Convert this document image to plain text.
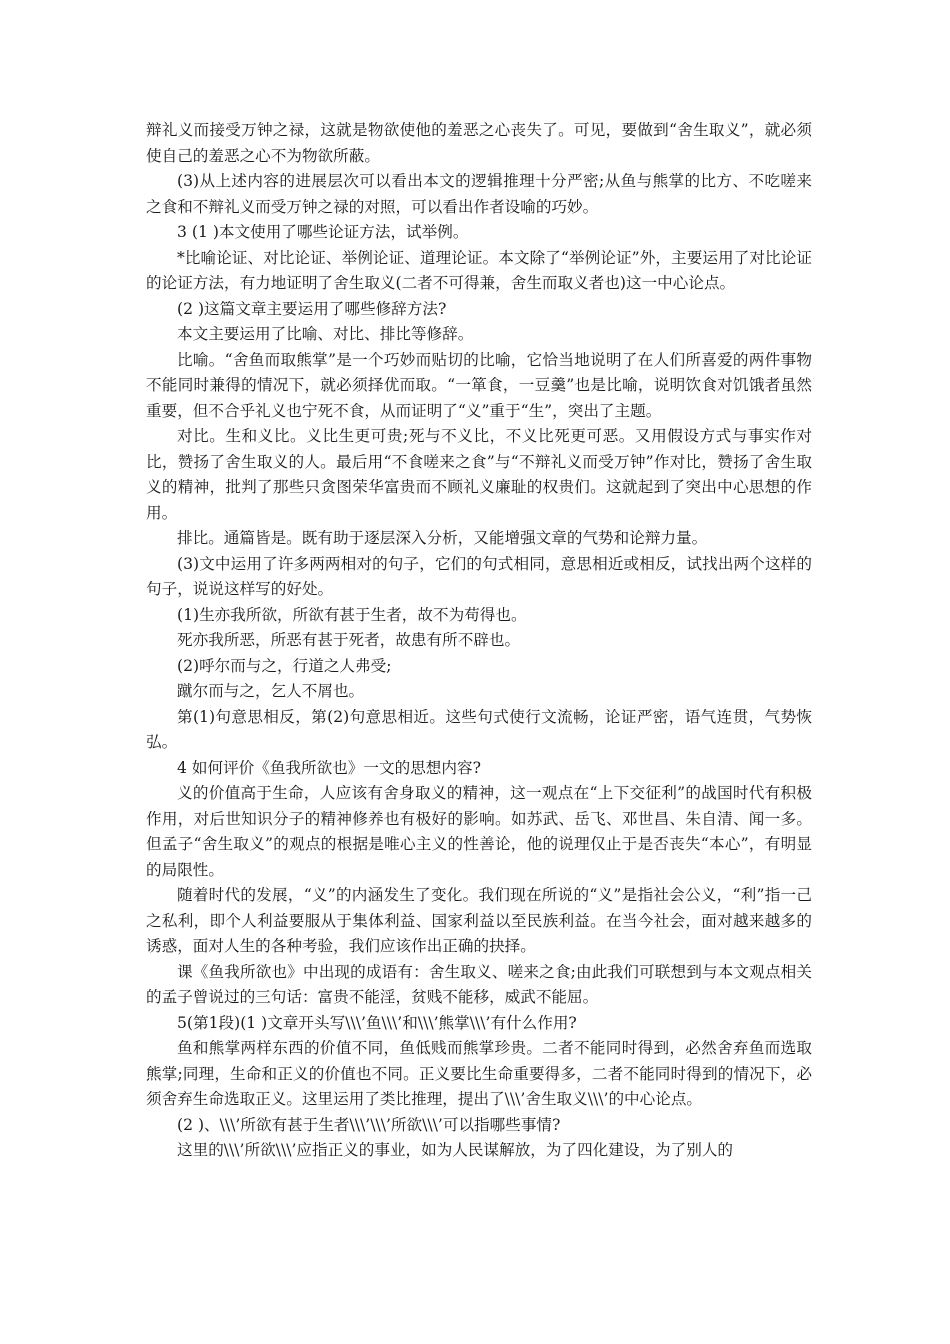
辩礼义而接受万钟之禄，这就是物欲使他的羞恶之心丧失了。可见，要做到“舍生取义”，就必须使自己的羞恶之心不为物欲所蔽。

(3)从上述内容的进展层次可以看出本文的逻辑推理十分严密;从鱼与熊掌的比方、不吃嗟来之食和不辩礼义而受万钟之禄的对照，可以看出作者设喻的巧妙。

3 (1 )本文使用了哪些论证方法，试举例。

*比喻论证、对比论证、举例论证、道理论证。本文除了“举例论证”外，主要运用了对比论证的论证方法，有力地证明了舍生取义(二者不可得兼，舍生而取义者也)这一中心论点。

(2 )这篇文章主要运用了哪些修辞方法?

本文主要运用了比喻、对比、排比等修辞。

比喻。“舍鱼而取熊掌”是一个巧妙而贴切的比喻，它恰当地说明了在人们所喜爱的两件事物不能同时兼得的情况下，就必须择优而取。“一箪食，一豆羹”也是比喻，说明饮食对饥饿者虽然重要，但不合乎礼义也宁死不食，从而证明了“义”重于“生”，突出了主题。

对比。生和义比。义比生更可贵;死与不义比，不义比死更可恶。又用假设方式与事实作对比，赞扬了舍生取义的人。最后用“不食嗟来之食”与“不辩礼义而受万钟”作对比，赞扬了舍生取义的精神，批判了那些只贪图荣华富贵而不顾礼义廉耻的权贵们。这就起到了突出中心思想的作用。

排比。通篇皆是。既有助于逐层深入分析，又能增强文章的气势和论辩力量。

(3)文中运用了许多两两相对的句子，它们的句式相同，意思相近或相反，试找出两个这样的句子，说说这样写的好处。

(1)生亦我所欲，所欲有甚于生者，故不为苟得也。

死亦我所恶，所恶有甚于死者，故患有所不辟也。

(2)呼尔而与之，行道之人弗受;

蹴尔而与之，乞人不屑也。

第(1)句意思相反，第(2)句意思相近。这些句式使行文流畅，论证严密，语气连贯，气势恢弘。

4 如何评价《鱼我所欲也》一文的思想内容?

义的价值高于生命，人应该有舍身取义的精神，这一观点在“上下交征利”的战国时代有积极作用，对后世知识分子的精神修养也有极好的影响。如苏武、岳飞、邓世昌、朱自清、闻一多。但孟子“舍生取义”的观点的根据是唯心主义的性善论，他的说理仅止于是否丧失“本心”，有明显的局限性。

随着时代的发展，“义”的内涵发生了变化。我们现在所说的“义”是指社会公义，“利”指一己之私利，即个人利益要服从于集体利益、国家利益以至民族利益。在当今社会，面对越来越多的诱惑，面对人生的各种考验，我们应该作出正确的抉择。

课《鱼我所欲也》中出现的成语有：舍生取义、嗟来之食;由此我们可联想到与本文观点相关的孟子曾说过的三句话：富贵不能淫，贫贱不能移，威武不能屈。

5(第1段)(1 )文章开头写\\\’鱼\\\’和\\\’熊掌\\\’有什么作用?

鱼和熊掌两样东西的价值不同，鱼低贱而熊掌珍贵。二者不能同时得到，必然舍弃鱼而选取熊掌;同理，生命和正义的价值也不同。正义要比生命重要得多，二者不能同时得到的情况下，必须舍弃生命选取正义。这里运用了类比推理，提出了\\\’舍生取义\\\’的中心论点。

(2 )、\\\’所欲有甚于生者\\\’\\\’所欲\\\’可以指哪些事情?

这里的\\\’所欲\\\’应指正义的事业，如为人民谋解放，为了四化建设，为了别人的
